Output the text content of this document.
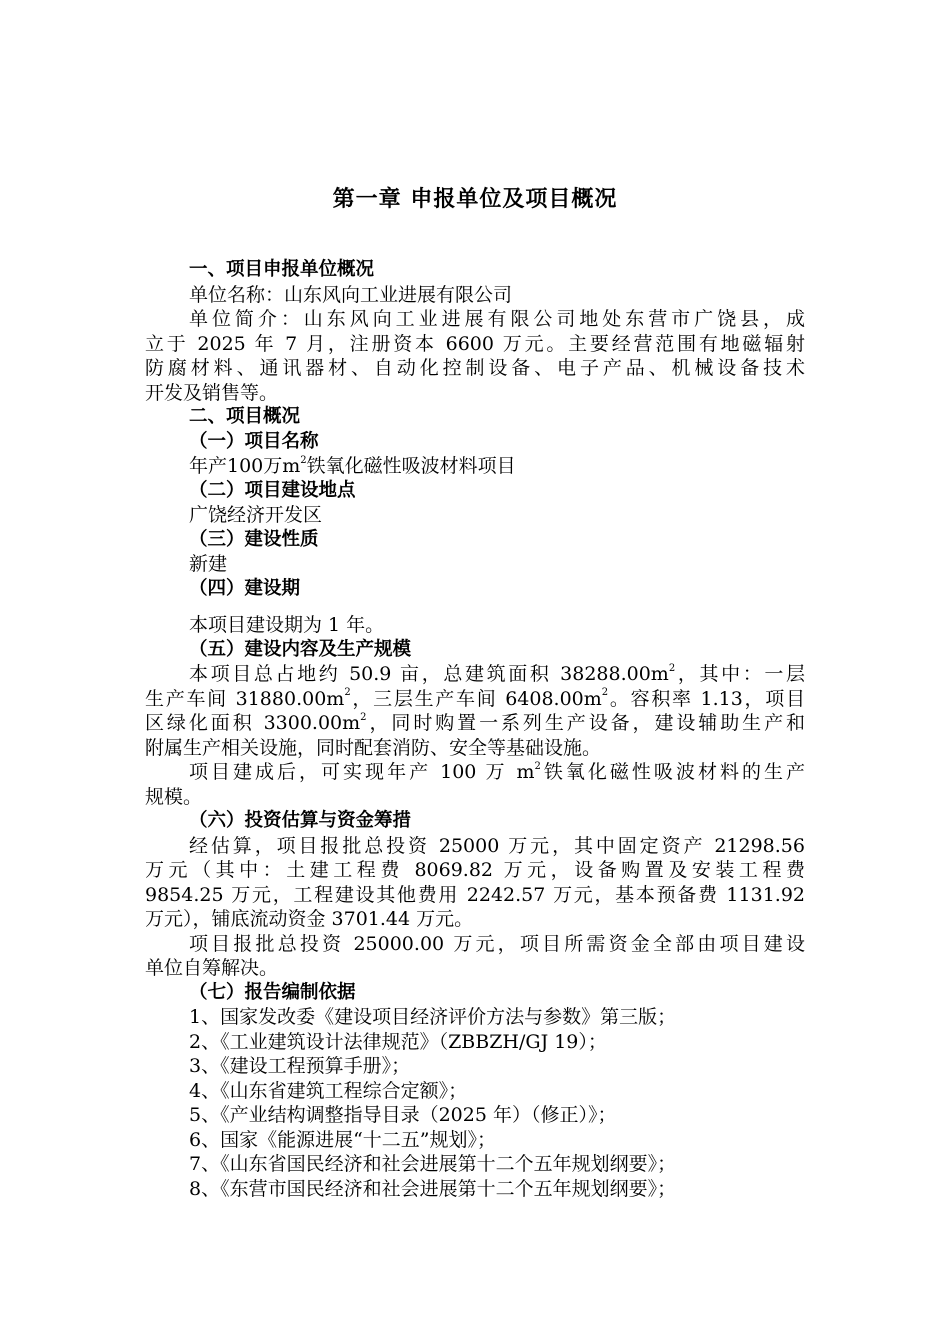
第一章 申报单位及项目概况
一、项目申报单位概况
单位名称：山东风向工业进展有限公司
单位简介：山东风向工业进展有限公司地处东营市广饶县，成
立于 2025 年 7 月，注册资本 6600 万元。主要经营范围有地磁辐射
防腐材料、通讯器材、自动化控制设备、电子产品、机械设备技术
开发及销售等。
二、项目概况
（一）项目名称
年产100万$m^2$铁氧化磁性吸波材料项目
（二）项目建设地点
广饶经济开发区
（三）建设性质
新建
（四）建设期
本项目建设期为 1 年。
（五）建设内容及生产规模
本项目总占地约 50.9 亩，总建筑面积 $38288.00m^2$，其中：一层
生产车间 $31880.00m^2$，三层生产车间 $6408.00m^2$。容积率 1.13，项目
区绿化面积 $3300.00m^2$，同时购置一系列生产设备，建设辅助生产和
附属生产相关设施，同时配套消防、安全等基础设施。
项目建成后，可实现年产 100 万 $m^2$铁氧化磁性吸波材料的生产
规模。
（六）投资估算与资金筹措
经估算，项目报批总投资 25000 万元，其中固定资产 21298.56
万元（其中：土建工程费 8069.82 万元，设备购置及安装工程费
9854.25 万元，工程建设其他费用 2242.57 万元，基本预备费 1131.92
万元），铺底流动资金 3701.44 万元。
项目报批总投资 25000.00 万元，项目所需资金全部由项目建设
单位自筹解决。
（七）报告编制依据
1、国家发改委《建设项目经济评价方法与参数》第三版；
2、《工业建筑设计法律规范》（ZBBZH/GJ 19）；
3、《建设工程预算手册》；
4、《山东省建筑工程综合定额》；
5、《产业结构调整指导目录（2025 年）（修正）》；
6、国家《能源进展“十二五”规划》；
7、《山东省国民经济和社会进展第十二个五年规划纲要》；
8、《东营市国民经济和社会进展第十二个五年规划纲要》；
